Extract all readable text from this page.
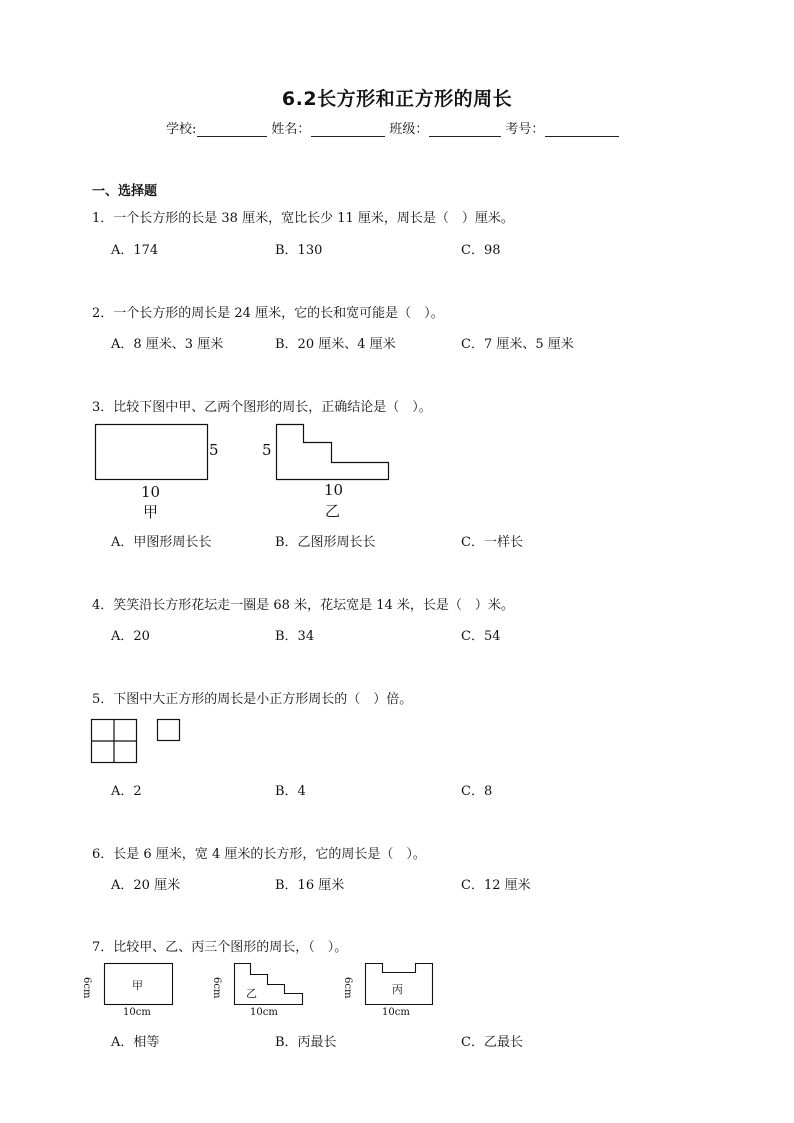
6.2长方形和正方形的周长
学校:	姓名：	班级：	考号：
一、选择题
1．一个长方形的长是 38 厘米，宽比长少 11 厘米，周长是（　）厘米。
A．174	B．130	C．98
2．一个长方形的周长是 24 厘米，它的长和宽可能是（　）。
A．8 厘米、3 厘米	B．20 厘米、4 厘米	C．7 厘米、5 厘米
3．比较下图中甲、乙两个图形的周长，正确结论是（　）。
5
10
甲
5
10
乙
A．甲图形周长长	B．乙图形周长长	C．一样长
4．笑笑沿长方形花坛走一圈是 68 米，花坛宽是 14 米，长是（　）米。
A．20	B．34	C．54
5．下图中大正方形的周长是小正方形周长的（　）倍。
A．2	B．4	C．8
6．长是 6 厘米，宽 4 厘米的长方形，它的周长是（　）。
A．20 厘米	B．16 厘米	C．12 厘米
7．比较甲、乙、丙三个图形的周长，（　）。
6cm	6cm	6cm
甲
乙	丙
10cm	10cm	10cm
A．相等	B．丙最长	C．乙最长
